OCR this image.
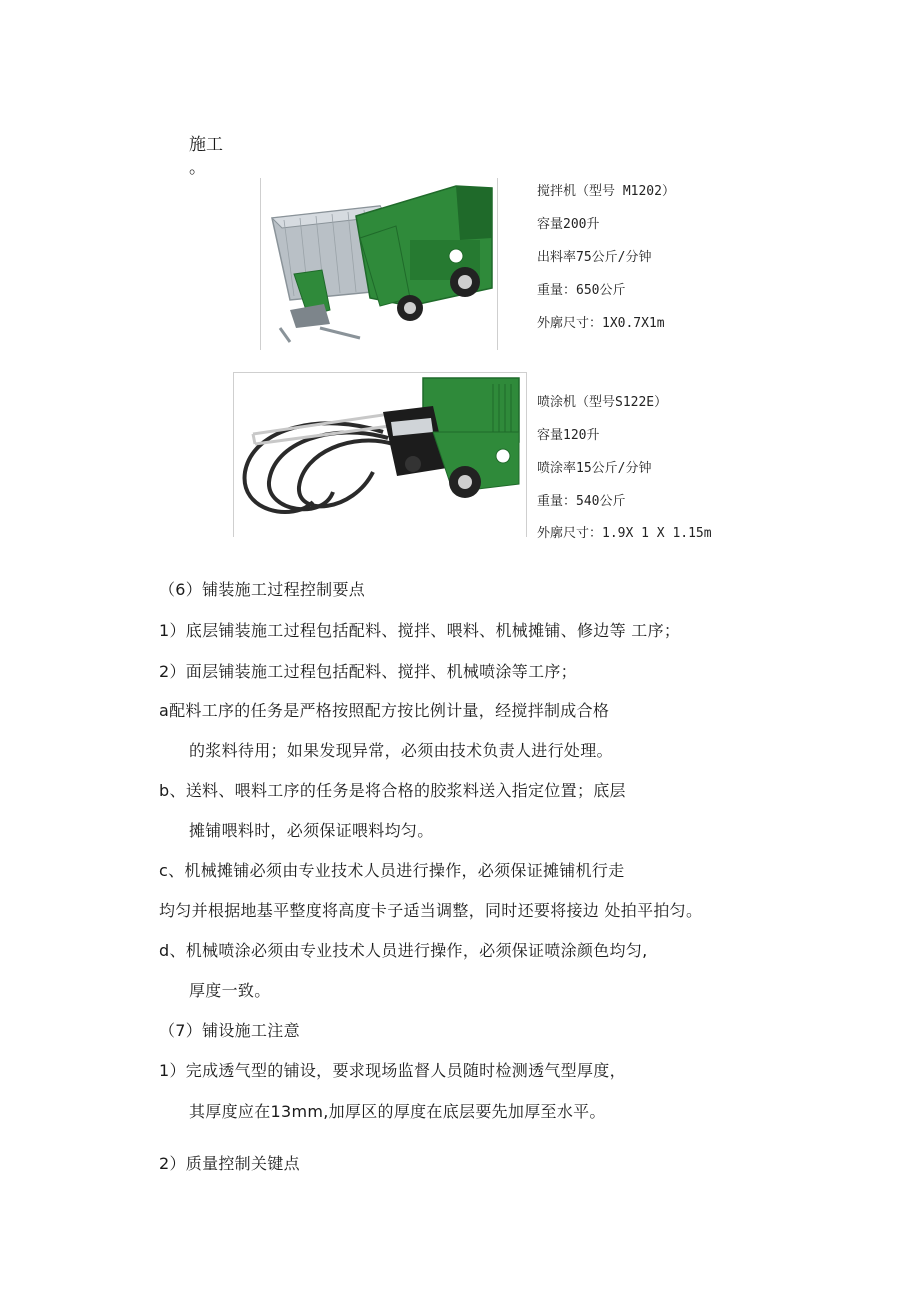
施工
。
搅拌机（型号 M1202）
容量200升
出料率75公斤/分钟
重量：650公斤
外廓尺寸：1X0.7X1m
喷涂机（型号S122E）
容量120升
喷涂率15公斤/分钟
重量：540公斤
外廓尺寸：1.9X 1 X 1.15m
（6）铺装施工过程控制要点
1）底层铺装施工过程包括配料、搅拌、喂料、机械摊铺、修边等 工序；
2）面层铺装施工过程包括配料、搅拌、机械喷涂等工序；
a配料工序的任务是严格按照配方按比例计量，经搅拌制成合格
的浆料待用；如果发现异常，必须由技术负责人进行处理。
b、送料、喂料工序的任务是将合格的胶浆料送入指定位置；底层
摊铺喂料时，必须保证喂料均匀。
c、机械摊铺必须由专业技术人员进行操作，必须保证摊铺机行走
均匀并根据地基平整度将高度卡子适当调整，同时还要将接边 处拍平拍匀。
d、机械喷涂必须由专业技术人员进行操作，必须保证喷涂颜色均匀,
厚度一致。
（7）铺设施工注意
1）完成透气型的铺设，要求现场监督人员随时检测透气型厚度，
其厚度应在13mm,加厚区的厚度在底层要先加厚至水平。
2）质量控制关键点
